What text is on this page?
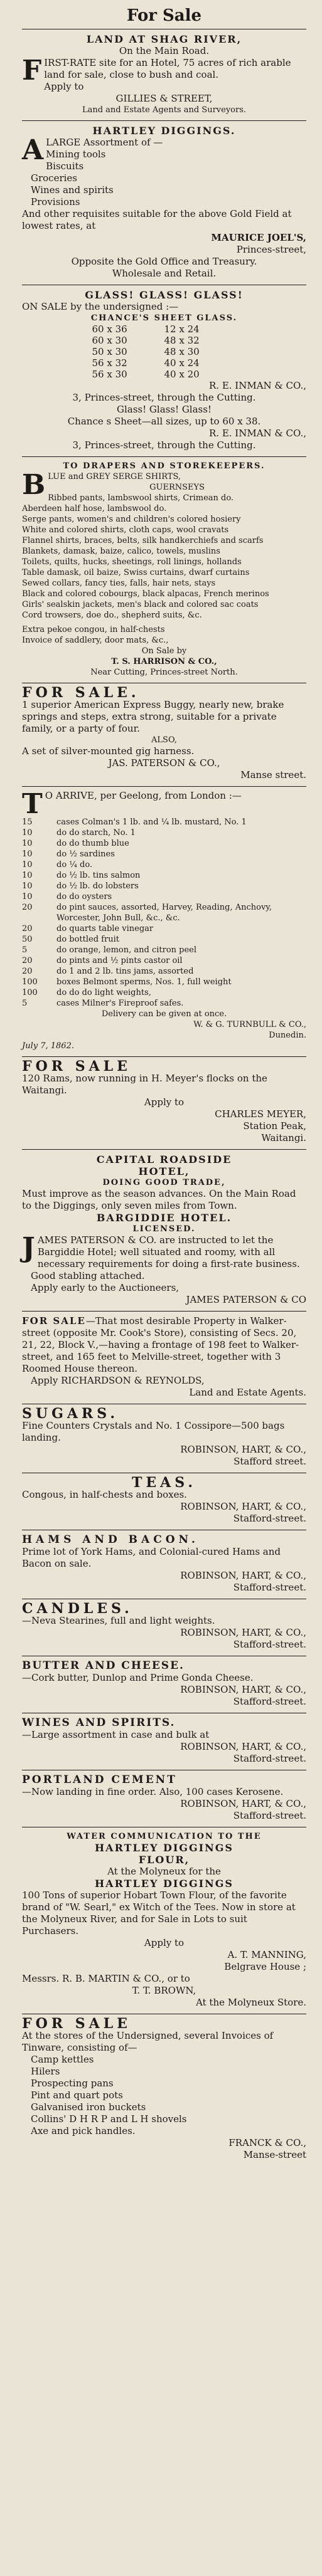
For Sale
LAND AT SHAG RIVER,
On the Main Road.
FIRST-RATE site for an Hotel, 75 acres of rich arable land for sale, close to bush and coal.
Apply to
GILLIES & STREET,
Land and Estate Agents and Surveyors.
HARTLEY DIGGINGS.
ALARGE Assortment of —
Mining tools
Biscuits
Groceries
Wines and spirits
Provisions
And other requisites suitable for the above Gold Field at lowest rates, at
MAURICE JOEL'S,
Princes-street,
Opposite the Gold Office and Treasury.
Wholesale and Retail.
GLASS! GLASS! GLASS!
ON SALE by the undersigned :—
CHANCE'S SHEET GLASS.
60 x 36	12 x 24
60 x 30	48 x 32
50 x 30	48 x 30
56 x 32	40 x 24
56 x 30	40 x 20
R. E. INMAN & CO.,
3, Princes-street, through the Cutting.
Glass! Glass! Glass!
Chance s Sheet—all sizes, up to 60 x 38.
R. E. INMAN & CO.,
3, Princes-street, through the Cutting.
TO DRAPERS AND STOREKEEPERS.
B LUE and GREY SERGE SHIRTS,
GUERNSEYS
Ribbed pants, lambswool shirts, Crimean do.
Aberdeen half hose, lambswool do.
Serge pants, women's and children's colored hosiery
White and colored shirts, cloth caps, wool cravats
Flannel shirts, braces, belts, silk handkerchiefs and scarfs
Blankets, damask, baize, calico, towels, muslins
Toilets, quilts, hucks, sheetings, roll linings, hollands
Table damask, oil baize, Swiss curtains, dwarf curtains
Sewed collars, fancy ties, falls, hair nets, stays
Black and colored cobourgs, black alpacas, French merinos
Girls' sealskin jackets, men's black and colored sac coats
Cord trowsers, doe do., shepherd suits, &c.
Extra pekoe congou, in half-chests
Invoice of saddlery, door mats, &c.,
On Sale by
T. S. HARRISON & CO.,
Near Cutting, Princes-street North.
FOR SALE.
1 superior American Express Buggy, nearly new, brake springs and steps, extra strong, suitable for a private family, or a party of four.
ALSO,
A set of silver-mounted gig harness.
JAS. PATERSON & CO.,
Manse street.
T O ARRIVE, per Geelong, from London :—
15	cases Colman's 1 lb. and ¼ lb. mustard, No. 1
10	do do starch, No. 1
10	do do thumb blue
10	do ½ sardines
10	do ¼ do.
10	do ½ lb. tins salmon
10	do ½ lb. do lobsters
10	do do oysters
20	do pint sauces, assorted, Harvey, Reading, Anchovy, Worcester, John Bull, &c., &c.
20	do quarts table vinegar
50	do bottled fruit
5	do orange, lemon, and citron peel
20	do pints and ½ pints castor oil
20	do 1 and 2 lb. tins jams, assorted
100	boxes Belmont sperms, Nos. 1, full weight
100	do do do light weights,
5	cases Milner's Fireproof safes.
Delivery can be given at once.
W. & G. TURNBULL & CO.,
Dunedin.
July 7, 1862.
FOR SALE
120 Rams, now running in H. Meyer's flocks on the Waitangi.
Apply to
CHARLES MEYER,
Station Peak,
Waitangi.
CAPITAL ROADSIDE
HOTEL,
DOING GOOD TRADE,
Must improve as the season advances. On the Main Road to the Diggings, only seven miles from Town.
BARGIDDIE HOTEL.
LICENSED.
JAMES PATERSON & CO. are instructed to let the Bargiddie Hotel; well situated and roomy, with all necessary requirements for doing a first-rate business.
Good stabling attached.
Apply early to the Auctioneers,
JAMES PATERSON & CO
FOR SALE—That most desirable Property in Walker-street (opposite Mr. Cook's Store), consisting of Secs. 20, 21, 22, Block V.,—having a frontage of 198 feet to Walker-street, and 165 feet to Melville-street, together with 3 Roomed House thereon.
Apply RICHARDSON & REYNOLDS,
Land and Estate Agents.
SUGARS.
Fine Counters Crystals and No. 1 Cossipore—500 bags landing.
ROBINSON, HART, & CO.,
Stafford street.
TEAS.
Congous, in half-chests and boxes.
ROBINSON, HART, & CO.,
Stafford-street.
HAMS AND BACON.
Prime lot of York Hams, and Colonial-cured Hams and Bacon on sale.
ROBINSON, HART, & CO.,
Stafford-street.
CANDLES.
—Neva Stearines, full and light weights.
ROBINSON, HART, & CO.,
Stafford-street.
BUTTER AND CHEESE.
—Cork butter, Dunlop and Prime Gonda Cheese.
ROBINSON, HART, & CO.,
Stafford-street.
WINES AND SPIRITS.
—Large assortment in case and bulk at
ROBINSON, HART, & CO.,
Stafford-street.
PORTLAND CEMENT
—Now landing in fine order. Also, 100 cases Kerosene.
ROBINSON, HART, & CO.,
Stafford-street.
WATER COMMUNICATION TO THE
HARTLEY DIGGINGS
FLOUR,
At the Molyneux for the
HARTLEY DIGGINGS
100 Tons of superior Hobart Town Flour, of the favorite brand of "W. Searl," ex Witch of the Tees. Now in store at the Molyneux River, and for Sale in Lots to suit Purchasers.
Apply to
A. T. MANNING,
Belgrave House ;
Messrs. R. B. MARTIN & CO., or to
T. T. BROWN,
At the Molyneux Store.
FOR SALE
At the stores of the Undersigned, several Invoices of Tinware, consisting of—
Camp kettles
Hilers
Prospecting pans
Pint and quart pots
Galvanised iron buckets
Collins' D H R P and L H shovels
Axe and pick handles.
FRANCK & CO.,
Manse-street
